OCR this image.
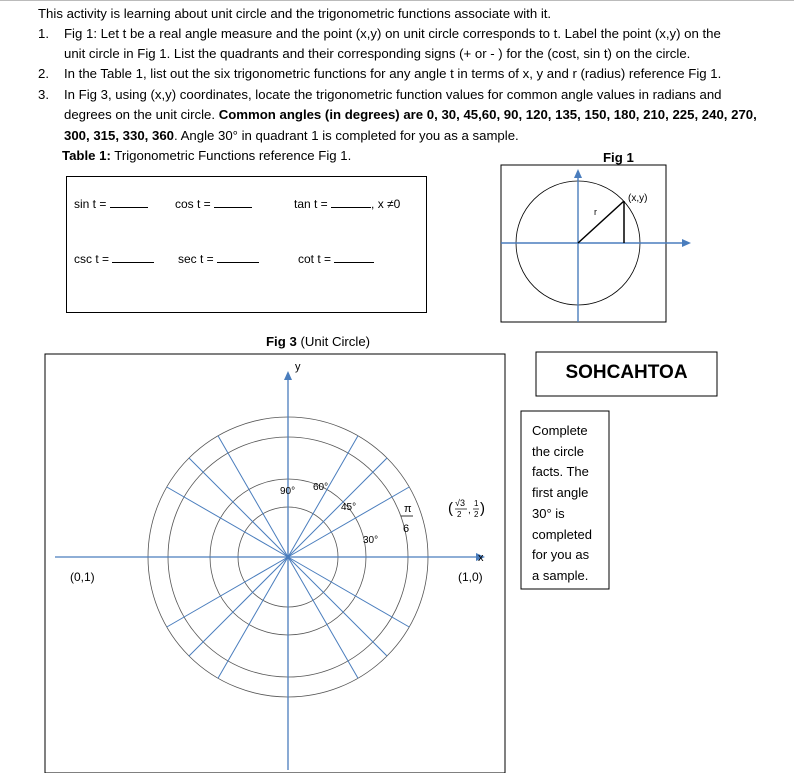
This activity is learning about unit circle and the trigonometric functions associate with it.
1. Fig 1: Let t be a real angle measure and the point (x,y) on unit circle corresponds to t. Label the point (x,y) on the
unit circle in Fig 1. List the quadrants and their corresponding signs (+ or - ) for the (cost, sin t) on the circle.
2. In the Table 1, list out the six trigonometric functions for any angle t in terms of x, y and r (radius) reference Fig 1.
3. In Fig 3, using (x,y) coordinates, locate the trigonometric function values for common angle values in radians and
degrees on the unit circle. Common angles (in degrees) are 0, 30, 45,60, 90, 120, 135, 150, 180, 210, 225, 240, 270,
300, 315, 330, 360. Angle 30° in quadrant 1 is completed for you as a sample.
Table 1: Trigonometric Functions reference Fig 1.	Fig 1
sin t =	cos t =	tan t =	, x ≠0
csc t =	sec t =	cot t =
r
(x,y)
y
x
90° 60°
45°
30°
π
6
( √3
2 ,
1
2 )
(1,0)
(0,1)
Fig 3 (Unit Circle)
SOHCAHTOA
Complete
the circle
facts. The
first angle
30° is
completed
for you as
a sample.
